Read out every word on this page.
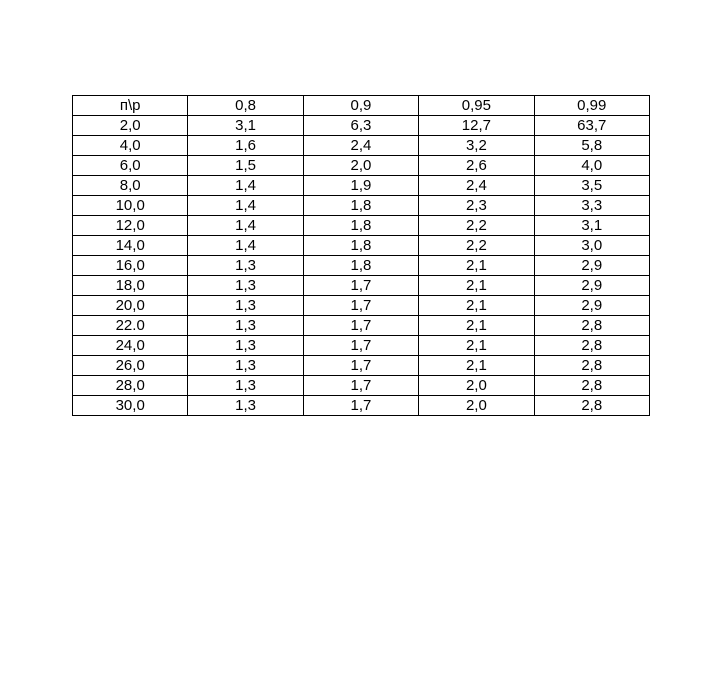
п\p	0,8	0,9	0,95	0,99
2,0	3,1	6,3	12,7	63,7
4,0	1,6	2,4	3,2	5,8
6,0	1,5	2,0	2,6	4,0
8,0	1,4	1,9	2,4	3,5
10,0	1,4	1,8	2,3	3,3
12,0	1,4	1,8	2,2	3,1
14,0	1,4	1,8	2,2	3,0
16,0	1,3	1,8	2,1	2,9
18,0	1,3	1,7	2,1	2,9
20,0	1,3	1,7	2,1	2,9
22.0	1,3	1,7	2,1	2,8
24,0	1,3	1,7	2,1	2,8
26,0	1,3	1,7	2,1	2,8
28,0	1,3	1,7	2,0	2,8
30,0	1,3	1,7	2,0	2,8
